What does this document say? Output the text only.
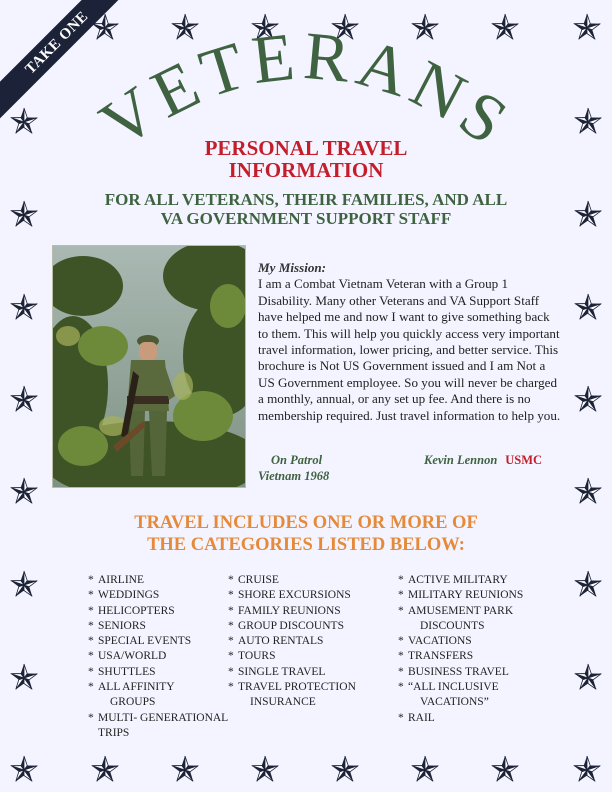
TAKE ONE
VETERANS
PERSONAL TRAVEL
INFORMATION
FOR ALL VETERANS, THEIR FAMILIES, AND ALL
VA GOVERNMENT SUPPORT STAFF
My Mission:
I am a Combat Vietnam Veteran with a Group 1 Disability. Many other Veterans and VA Support Staff have helped me and now I want to give something back to them. This will help you quickly access very important travel information, lower pricing, and better service. This brochure is Not US Government issued and I am Not a US Government employee. So you will never be charged a monthly, annual, or any set up fee. And there is no membership required. Just travel information to help you.
On Patrol
Vietnam 1968
Kevin Lennon USMC
TRAVEL INCLUDES ONE OR MORE OF
THE CATEGORIES LISTED BELOW:
* AIRLINE
* WEDDINGS
* HELICOPTERS
* SENIORS
* SPECIAL EVENTS
* USA/WORLD
* SHUTTLES
* ALL AFFINITY
GROUPS
* MULTI- GENERATIONAL TRIPS
* CRUISE
* SHORE EXCURSIONS
* FAMILY REUNIONS
* GROUP DISCOUNTS
* AUTO RENTALS
* TOURS
* SINGLE TRAVEL
* TRAVEL PROTECTION
INSURANCE
* ACTIVE MILITARY
* MILITARY REUNIONS
* AMUSEMENT PARK
DISCOUNTS
* VACATIONS
* TRANSFERS
* BUSINESS TRAVEL
* “ALL INCLUSIVE
VACATIONS”
* RAIL
